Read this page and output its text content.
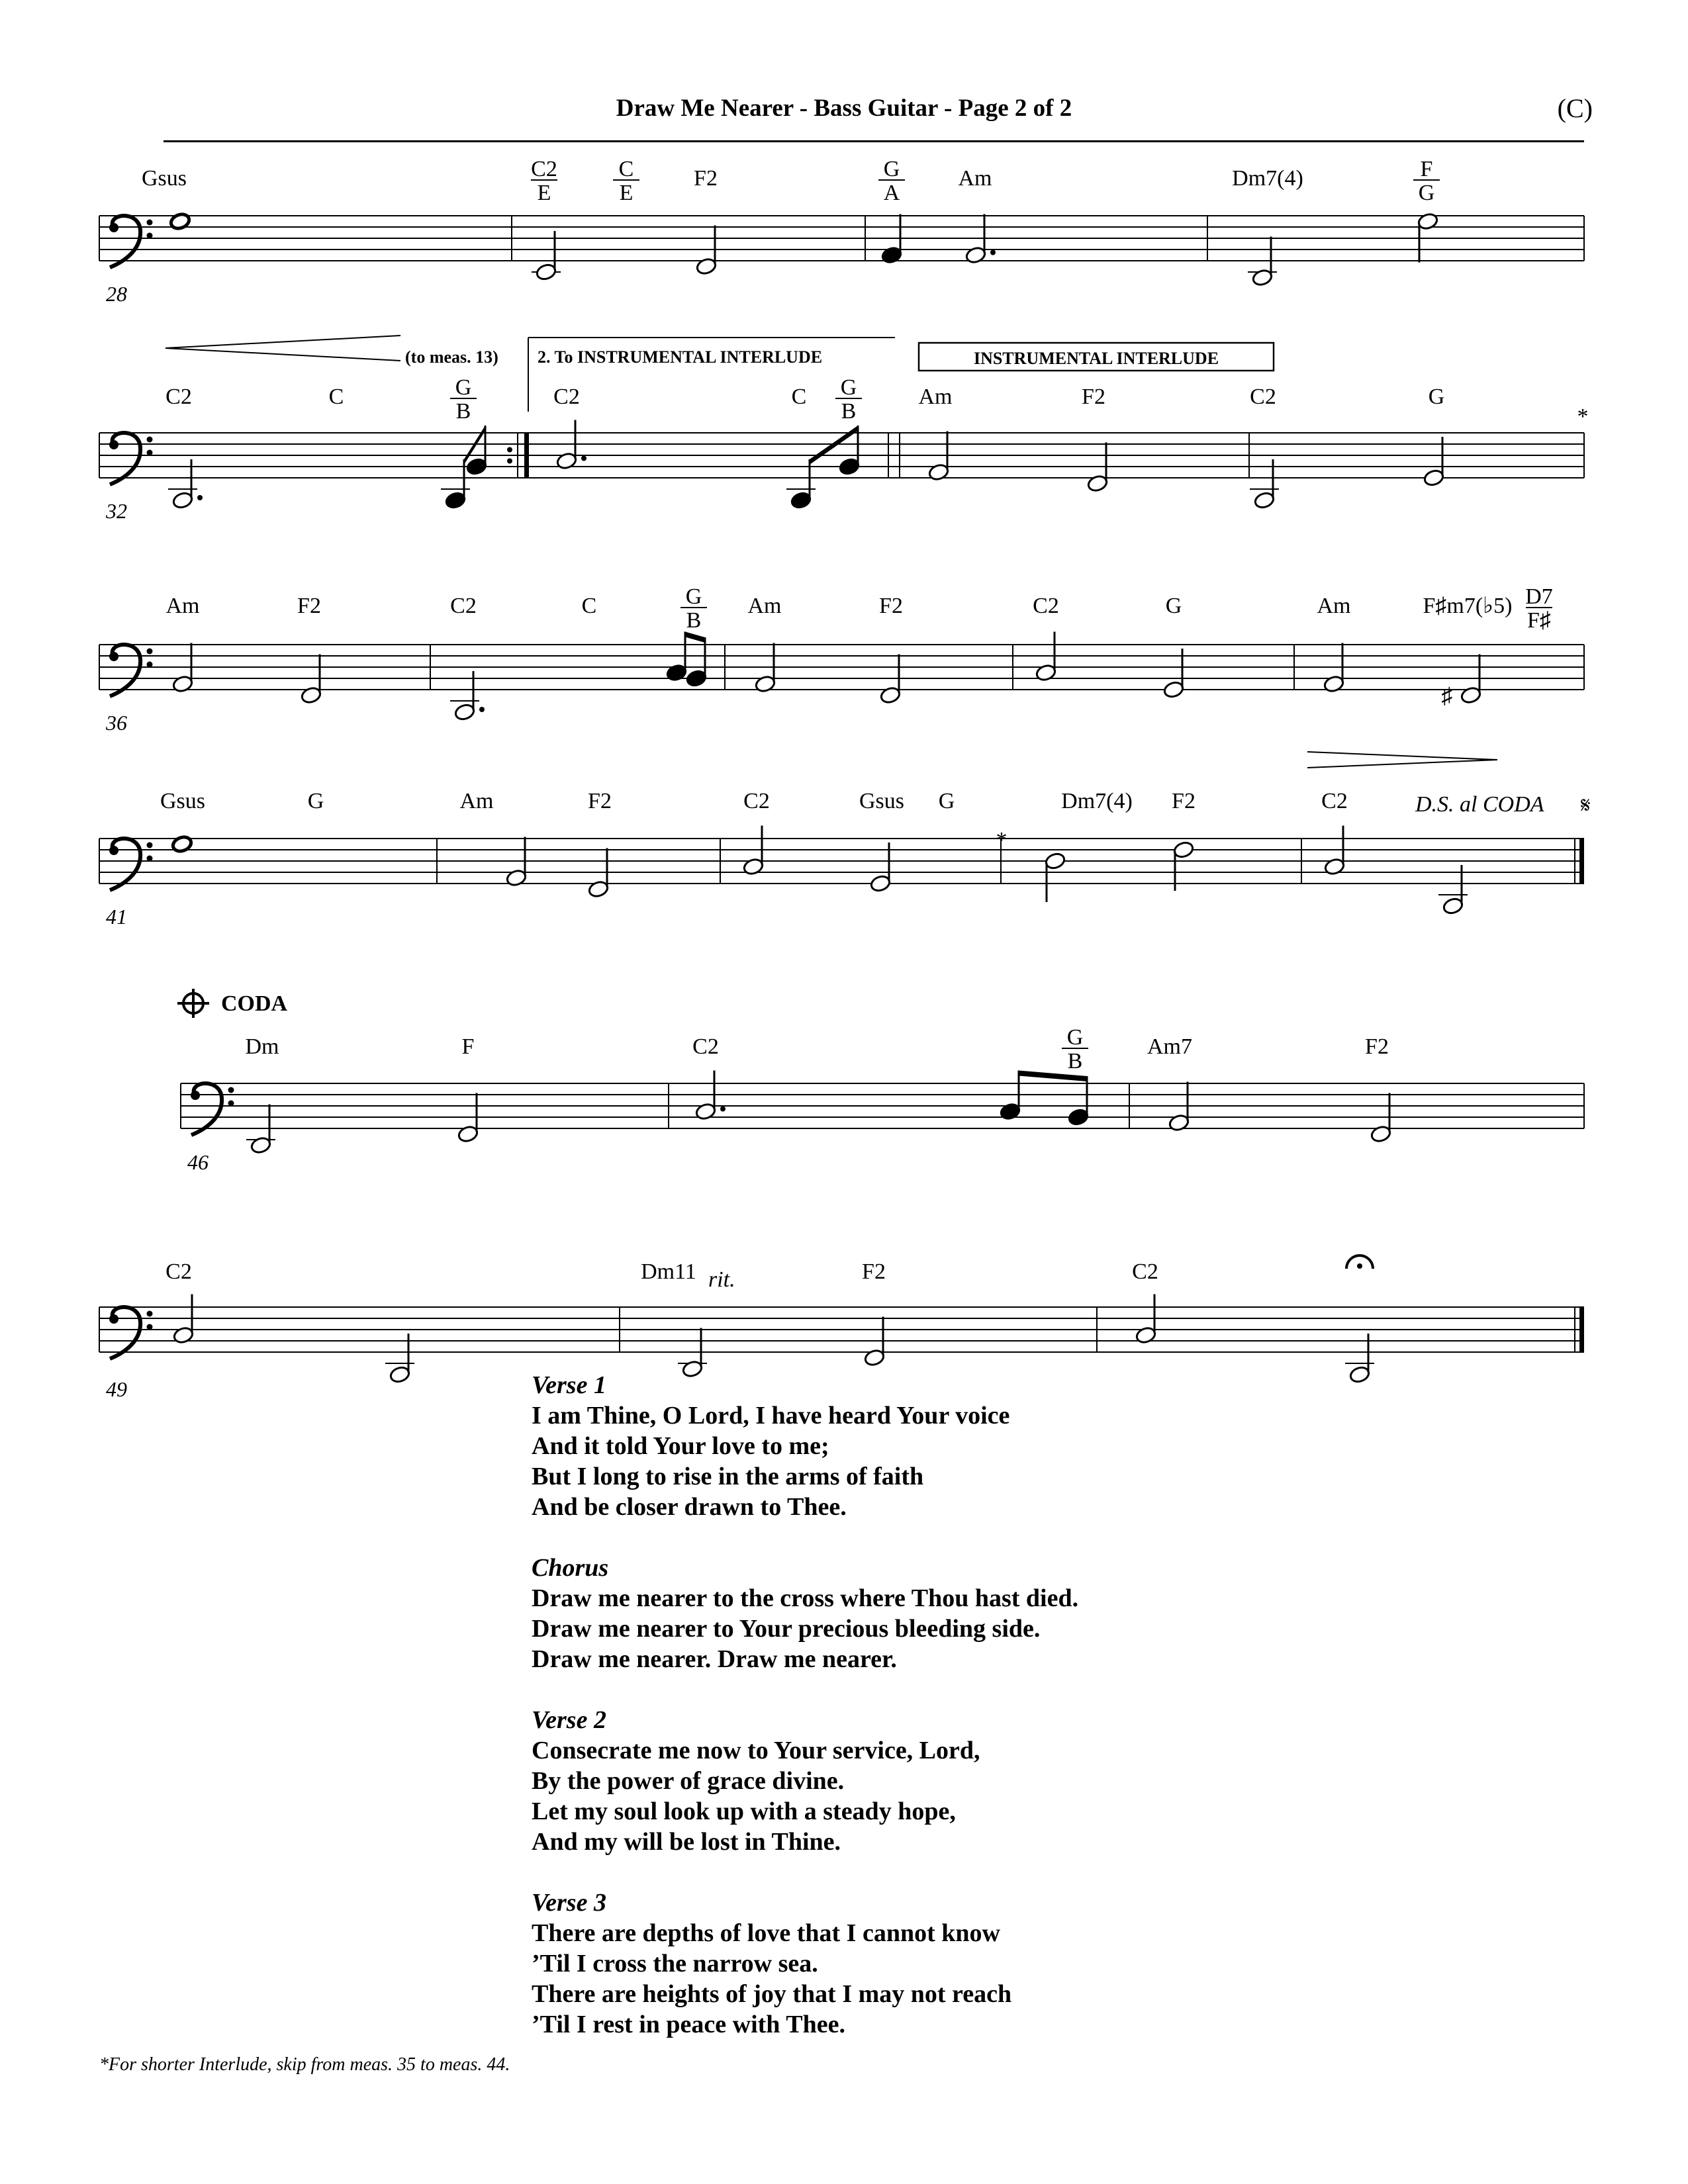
Draw Me Nearer - Bass Guitar - Page 2 of 2	(C)
28
Gsus	C2
E
C
E
F2	G
A
Am	Dm7(4)	F
G
32
C2	C	G
B
C2	C G
B
Am	F2	C2	G
36
Am	F2	C2	C	G
B
Am	F2	C2	G	Am	F♯m7(♭5) D7
F♯
♯
41
Gsus	G	Am	F2	C2	Gsus G	Dm7(4) F2	C2
46
Dm	F	C2	G
B
Am7	F2
49
C2	Dm11	F2	C2
(to meas. 13) 2. To INSTRUMENTAL INTERLUDE	INSTRUMENTAL INTERLUDE
*
D.S. al CODA 𝄋
*
CODA
rit.
Verse 1
I am Thine, O Lord, I have heard Your voice
And it told Your love to me;
But I long to rise in the arms of faith
And be closer drawn to Thee.
Chorus
Draw me nearer to the cross where Thou hast died.
Draw me nearer to Your precious bleeding side.
Draw me nearer. Draw me nearer.
Verse 2
Consecrate me now to Your service, Lord,
By the power of grace divine.
Let my soul look up with a steady hope,
And my will be lost in Thine.
Verse 3
There are depths of love that I cannot know
’Til I cross the narrow sea.
There are heights of joy that I may not reach
’Til I rest in peace with Thee.
*For shorter Interlude, skip from meas. 35 to meas. 44.
